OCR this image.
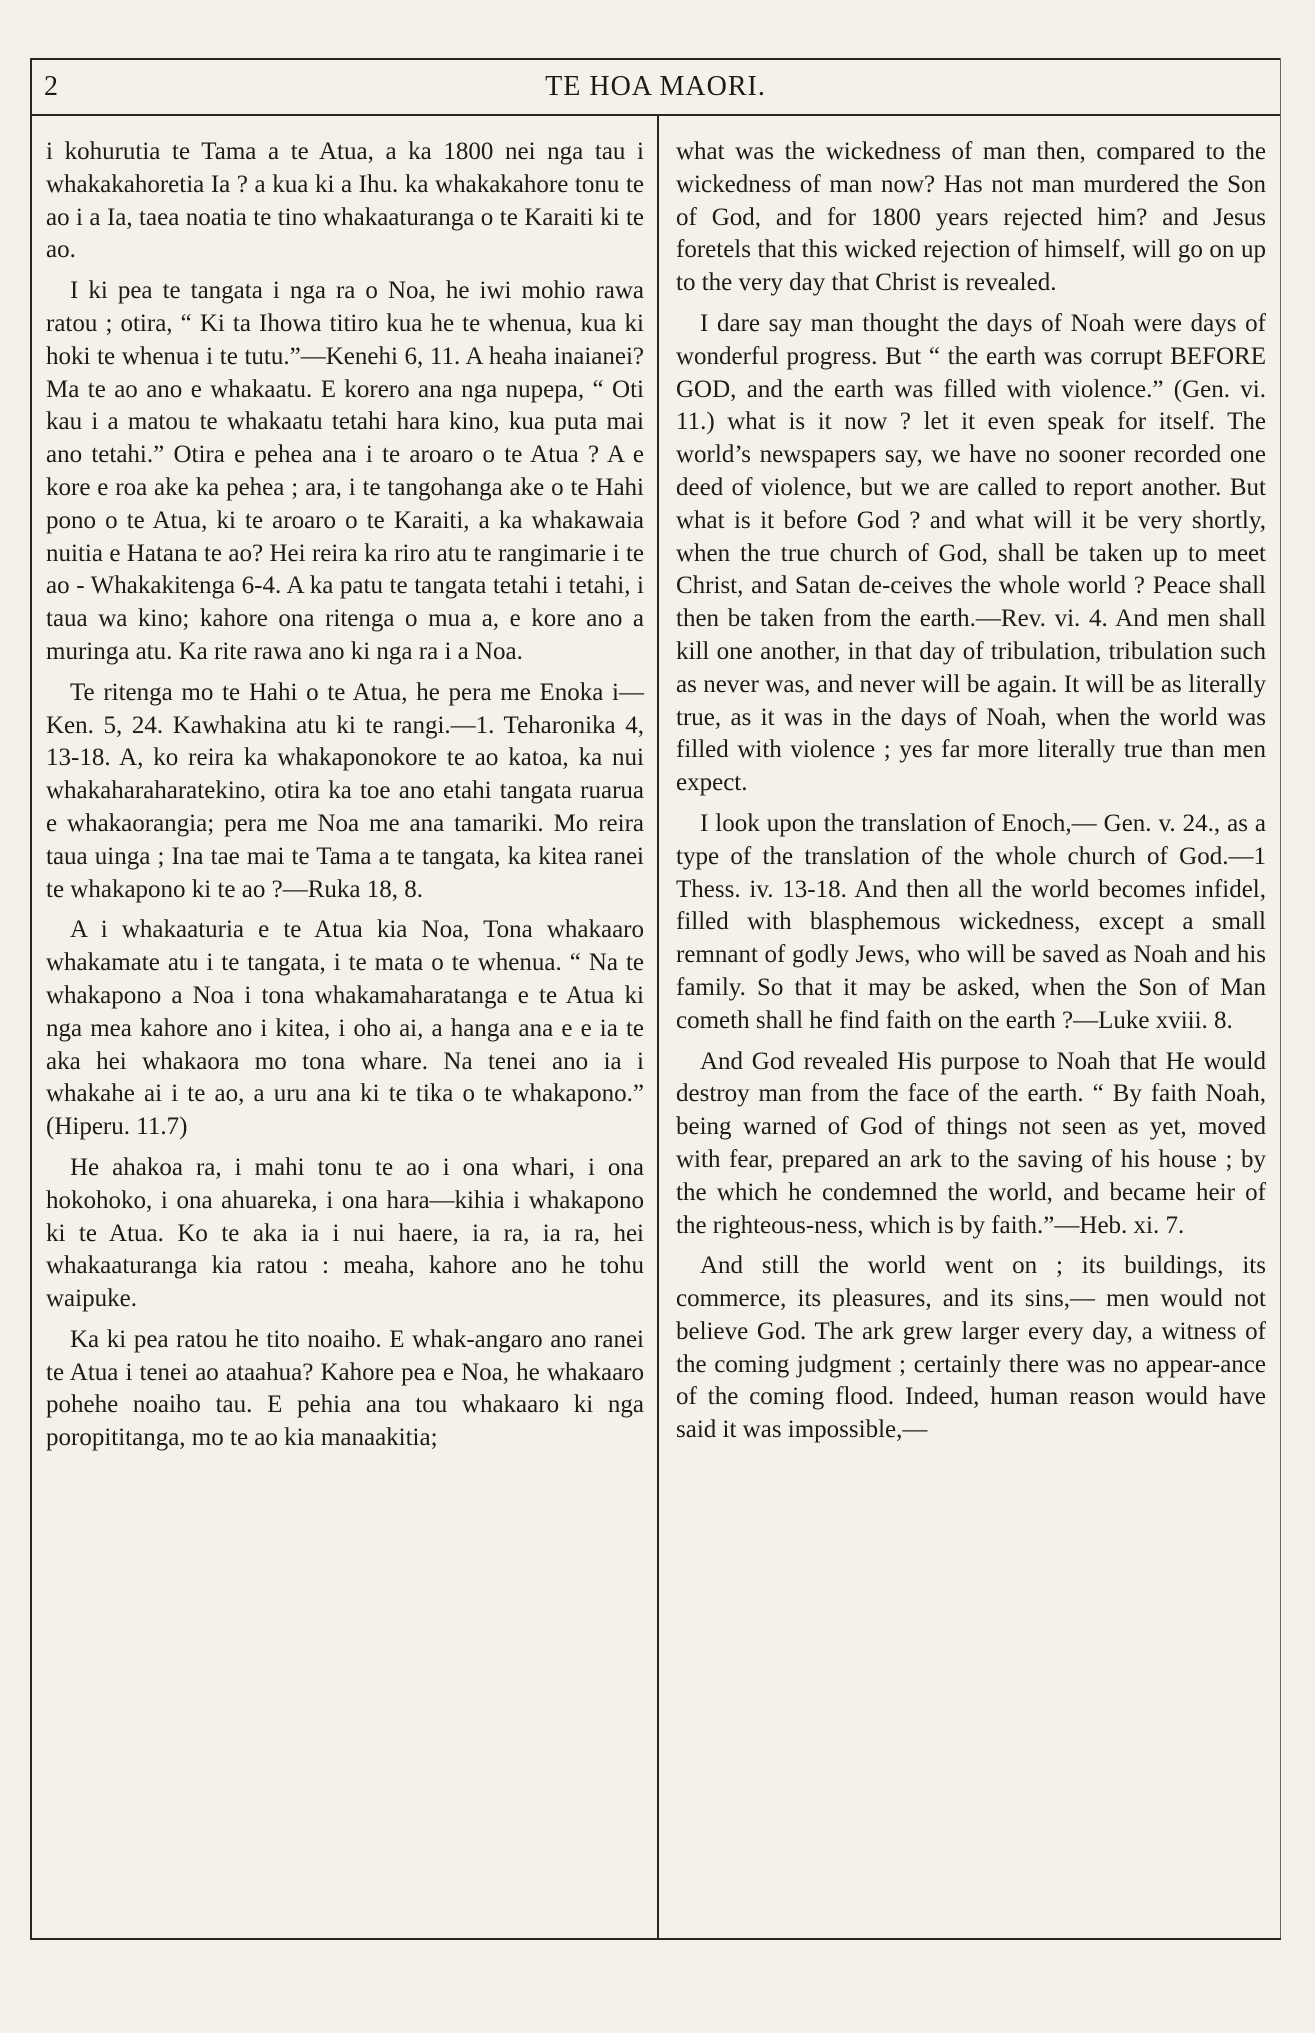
2	TE HOA MAORI.

i kohurutia te Tama a te Atua, a ka 1800 nei nga tau i whakakahoretia Ia ? a kua ki a Ihu. ka whakakahore tonu te ao i a Ia, taea noatia te tino whakaaturanga o te Karaiti ki te ao.

I ki pea te tangata i nga ra o Noa, he iwi mohio rawa ratou ; otira, “ Ki ta Ihowa titiro kua he te whenua, kua ki hoki te whenua i te tutu.”—Kenehi 6, 11. A heaha inaianei? Ma te ao ano e whakaatu. E korero ana nga nupepa, “ Oti kau i a matou te whakaatu tetahi hara kino, kua puta mai ano tetahi.” Otira e pehea ana i te aroaro o te Atua ? A e kore e roa ake ka pehea ; ara, i te tangohanga ake o te Hahi pono o te Atua, ki te aroaro o te Karaiti, a ka whakawaia nuitia e Hatana te ao? Hei reira ka riro atu te rangimarie i te ao - Whakakitenga 6-4. A ka patu te tangata tetahi i tetahi, i taua wa kino; kahore ona ritenga o mua a, e kore ano a muringa atu. Ka rite rawa ano ki nga ra i a Noa.

Te ritenga mo te Hahi o te Atua, he pera me Enoka i—Ken. 5, 24. Kawhakina atu ki te rangi.—1. Teharonika 4, 13-18. A, ko reira ka whakaponokore te ao katoa, ka nui whakaharaharatekino, otira ka toe ano etahi tangata ruarua e whakaorangia; pera me Noa me ana tamariki. Mo reira taua uinga ; Ina tae mai te Tama a te tangata, ka kitea ranei te whakapono ki te ao ?—Ruka 18, 8.

A i whakaaturia e te Atua kia Noa, Tona whakaaro whakamate atu i te tangata, i te mata o te whenua. “ Na te whakapono a Noa i tona whakamaharatanga e te Atua ki nga mea kahore ano i kitea, i oho ai, a hanga ana e e ia te aka hei whakaora mo tona whare. Na tenei ano ia i whakahe ai i te ao, a uru ana ki te tika o te whakapono.” (Hiperu. 11.7)

He ahakoa ra, i mahi tonu te ao i ona whari, i ona hokohoko, i ona ahuareka, i ona hara—kihia i whakapono ki te Atua. Ko te aka ia i nui haere, ia ra, ia ra, hei whakaaturanga kia ratou : meaha, kahore ano he tohu waipuke.

Ka ki pea ratou he tito noaiho. E whak-angaro ano ranei te Atua i tenei ao ataahua? Kahore pea e Noa, he whakaaro pohehe noaiho tau. E pehia ana tou whakaaro ki nga poropititanga, mo te ao kia manaakitia;

what was the wickedness of man then, compared to the wickedness of man now? Has not man murdered the Son of God, and for 1800 years rejected him? and Jesus foretels that this wicked rejection of himself, will go on up to the very day that Christ is revealed.

I dare say man thought the days of Noah were days of wonderful progress. But “ the earth was corrupt BEFORE GOD, and the earth was filled with violence.” (Gen. vi. 11.) what is it now ? let it even speak for itself. The world’s newspapers say, we have no sooner recorded one deed of violence, but we are called to report another. But what is it before God ? and what will it be very shortly, when the true church of God, shall be taken up to meet Christ, and Satan de-ceives the whole world ? Peace shall then be taken from the earth.—Rev. vi. 4. And men shall kill one another, in that day of tribulation, tribulation such as never was, and never will be again. It will be as literally true, as it was in the days of Noah, when the world was filled with violence ; yes far more literally true than men expect.

I look upon the translation of Enoch,— Gen. v. 24., as a type of the translation of the whole church of God.—1 Thess. iv. 13-18. And then all the world becomes infidel, filled with blasphemous wickedness, except a small remnant of godly Jews, who will be saved as Noah and his family. So that it may be asked, when the Son of Man cometh shall he find faith on the earth ?—Luke xviii. 8.

And God revealed His purpose to Noah that He would destroy man from the face of the earth. “ By faith Noah, being warned of God of things not seen as yet, moved with fear, prepared an ark to the saving of his house ; by the which he condemned the world, and became heir of the righteous-ness, which is by faith.”—Heb. xi. 7.

And still the world went on ; its buildings, its commerce, its pleasures, and its sins,— men would not believe God. The ark grew larger every day, a witness of the coming judgment ; certainly there was no appear-ance of the coming flood. Indeed, human reason would have said it was impossible,—
